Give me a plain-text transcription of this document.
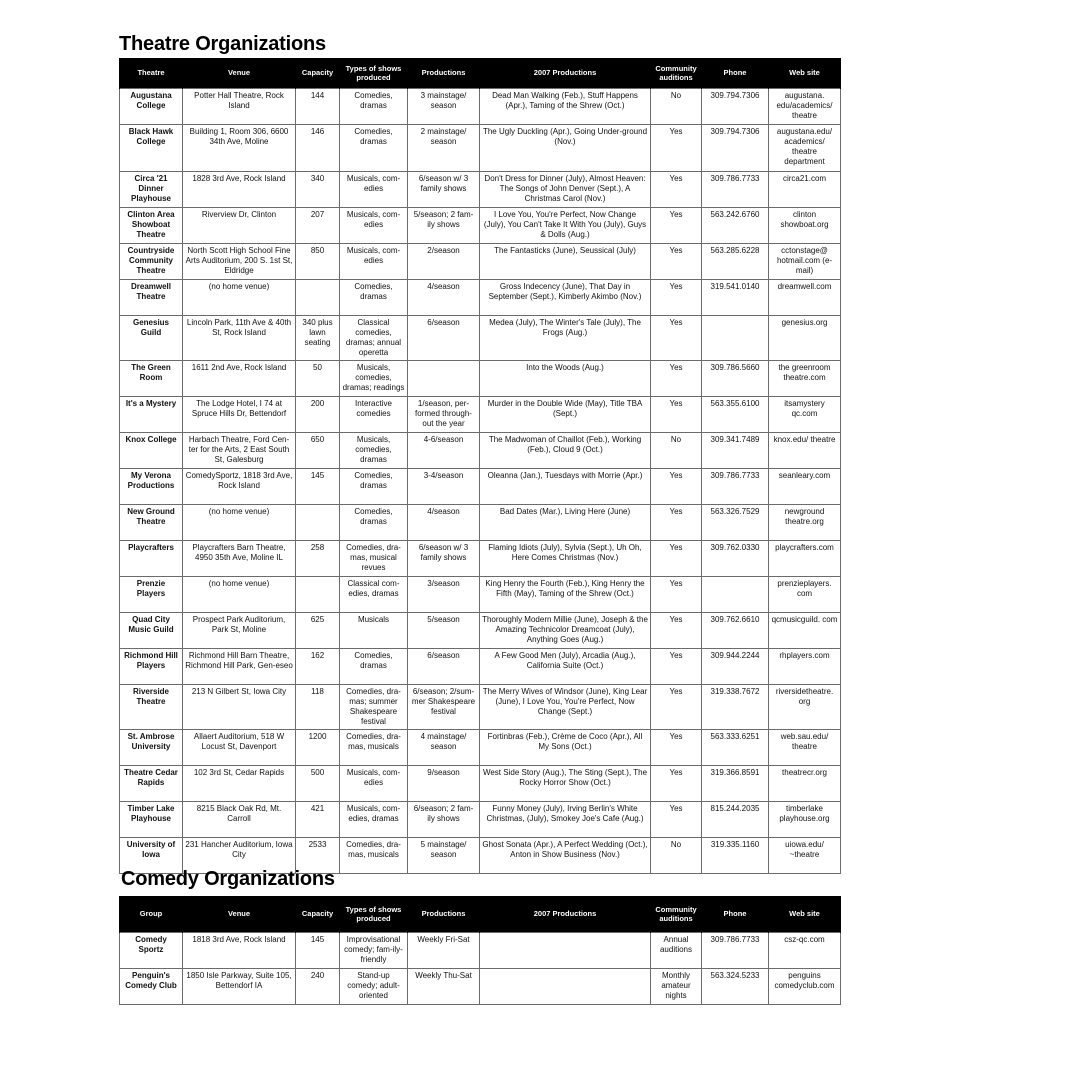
Theatre Organizations
Theatre	Venue	Capacity	Types of shows produced	Productions	2007 Productions	Community auditions	Phone	Web site
Augustana College	Potter Hall Theatre, Rock Island	144	Comedies, dramas	3 mainstage/ season	Dead Man Walking (Feb.), Stuff Happens (Apr.), Taming of the Shrew (Oct.)	No	309.794.7306	augustana. edu/academics/ theatre
Black Hawk College	Building 1, Room 306, 6600 34th Ave, Moline	146	Comedies, dramas	2 mainstage/ season	The Ugly Duckling (Apr.), Going Under-ground (Nov.)	Yes	309.794.7306	augustana.edu/ academics/ theatre department
Circa '21 Dinner Playhouse	1828 3rd Ave, Rock Island	340	Musicals, com-edies	6/season w/ 3 family shows	Don't Dress for Dinner (July), Almost Heaven: The Songs of John Denver (Sept.), A Christmas Carol (Nov.)	Yes	309.786.7733	circa21.com
Clinton Area Showboat Theatre	Riverview Dr, Clinton	207	Musicals, com-edies	5/season; 2 fam-ily shows	I Love You, You're Perfect, Now Change (July), You Can't Take It With You (July), Guys & Dolls (Aug.)	Yes	563.242.6760	clinton showboat.org
Countryside Community Theatre	North Scott High School Fine Arts Auditorium, 200 S. 1st St, Eldridge	850	Musicals, com-edies	2/season	The Fantasticks (June), Seussical (July)	Yes	563.285.6228	cctonstage@ hotmail.com (e-mail)
Dreamwell Theatre	(no home venue)		Comedies, dramas	4/season	Gross Indecency (June), That Day in September (Sept.), Kimberly Akimbo (Nov.)	Yes	319.541.0140	dreamwell.com
Genesius Guild	Lincoln Park, 11th Ave & 40th St, Rock Island	340 plus lawn seating	Classical comedies, dramas; annual operetta	6/season	Medea (July), The Winter's Tale (July), The Frogs (Aug.)	Yes		genesius.org
The Green Room	1611 2nd Ave, Rock Island	50	Musicals, comedies, dramas; readings		Into the Woods (Aug.)	Yes	309.786.5660	the greenroom theatre.com
It's a Mystery	The Lodge Hotel, I 74 at Spruce Hills Dr, Bettendorf	200	Interactive comedies	1/season, per-formed through-out the year	Murder in the Double Wide (May), Title TBA (Sept.)	Yes	563.355.6100	itsamystery qc.com
Knox College	Harbach Theatre, Ford Cen-ter for the Arts, 2 East South St, Galesburg	650	Musicals, comedies, dramas	4-6/season	The Madwoman of Chaillot (Feb.), Working (Feb.), Cloud 9 (Oct.)	No	309.341.7489	knox.edu/ theatre
My Verona Productions	ComedySportz, 1818 3rd Ave, Rock Island	145	Comedies, dramas	3-4/season	Oleanna (Jan.), Tuesdays with Morrie (Apr.)	Yes	309.786.7733	seanleary.com
New Ground Theatre	(no home venue)		Comedies, dramas	4/season	Bad Dates (Mar.), Living Here (June)	Yes	563.326.7529	newground theatre.org
Playcrafters	Playcrafters Barn Theatre, 4950 35th Ave, Moline IL	258	Comedies, dra-mas, musical revues	6/season w/ 3 family shows	Flaming Idiots (July), Sylvia (Sept.), Uh Oh, Here Comes Christmas (Nov.)	Yes	309.762.0330	playcrafters.com
Prenzie Players	(no home venue)		Classical com-edies, dramas	3/season	King Henry the Fourth (Feb.), King Henry the Fifth (May), Taming of the Shrew (Oct.)	Yes		prenzieplayers. com
Quad City Music Guild	Prospect Park Auditorium, Park St, Moline	625	Musicals	5/season	Thoroughly Modern Millie (June), Joseph & the Amazing Technicolor Dreamcoat (July), Anything Goes (Aug.)	Yes	309.762.6610	qcmusicguild. com
Richmond Hill Players	Richmond Hill Barn Theatre, Richmond Hill Park, Gen-eseo	162	Comedies, dramas	6/season	A Few Good Men (July), Arcadia (Aug.), California Suite (Oct.)	Yes	309.944.2244	rhplayers.com
Riverside Theatre	213 N Gilbert St, Iowa City	118	Comedies, dra-mas; summer Shakespeare festival	6/season; 2/sum-mer Shakespeare festival	The Merry Wives of Windsor (June), King Lear (June), I Love You, You're Perfect, Now Change (Sept.)	Yes	319.338.7672	riversidetheatre. org
St. Ambrose University	Allaert Auditorium, 518 W Locust St, Davenport	1200	Comedies, dra-mas, musicals	4 mainstage/ season	Fortinbras (Feb.), Crème de Coco (Apr.), All My Sons (Oct.)	Yes	563.333.6251	web.sau.edu/ theatre
Theatre Cedar Rapids	102 3rd St, Cedar Rapids	500	Musicals, com-edies	9/season	West Side Story (Aug.), The Sting (Sept.), The Rocky Horror Show (Oct.)	Yes	319.366.8591	theatrecr.org
Timber Lake Playhouse	8215 Black Oak Rd, Mt. Carroll	421	Musicals, com-edies, dramas	6/season; 2 fam-ily shows	Funny Money (July), Irving Berlin's White Christmas, (July), Smokey Joe's Cafe (Aug.)	Yes	815.244.2035	timberlake playhouse.org
University of Iowa	231 Hancher Auditorium, Iowa City	2533	Comedies, dra-mas, musicals	5 mainstage/ season	Ghost Sonata (Apr.), A Perfect Wedding (Oct.), Anton in Show Business (Nov.)	No	319.335.1160	uiowa.edu/ ~theatre
Comedy Organizations
Group	Venue	Capacity	Types of shows produced	Productions	2007 Productions	Community auditions	Phone	Web site
Comedy Sportz	1818 3rd Ave, Rock Island	145	Improvisational comedy; fam-ily-friendly	Weekly Fri-Sat		Annual auditions	309.786.7733	csz-qc.com
Penguin's Comedy Club	1850 Isle Parkway, Suite 105, Bettendorf IA	240	Stand-up comedy; adult-oriented	Weekly Thu-Sat		Monthly amateur nights	563.324.5233	penguins comedyclub.com
